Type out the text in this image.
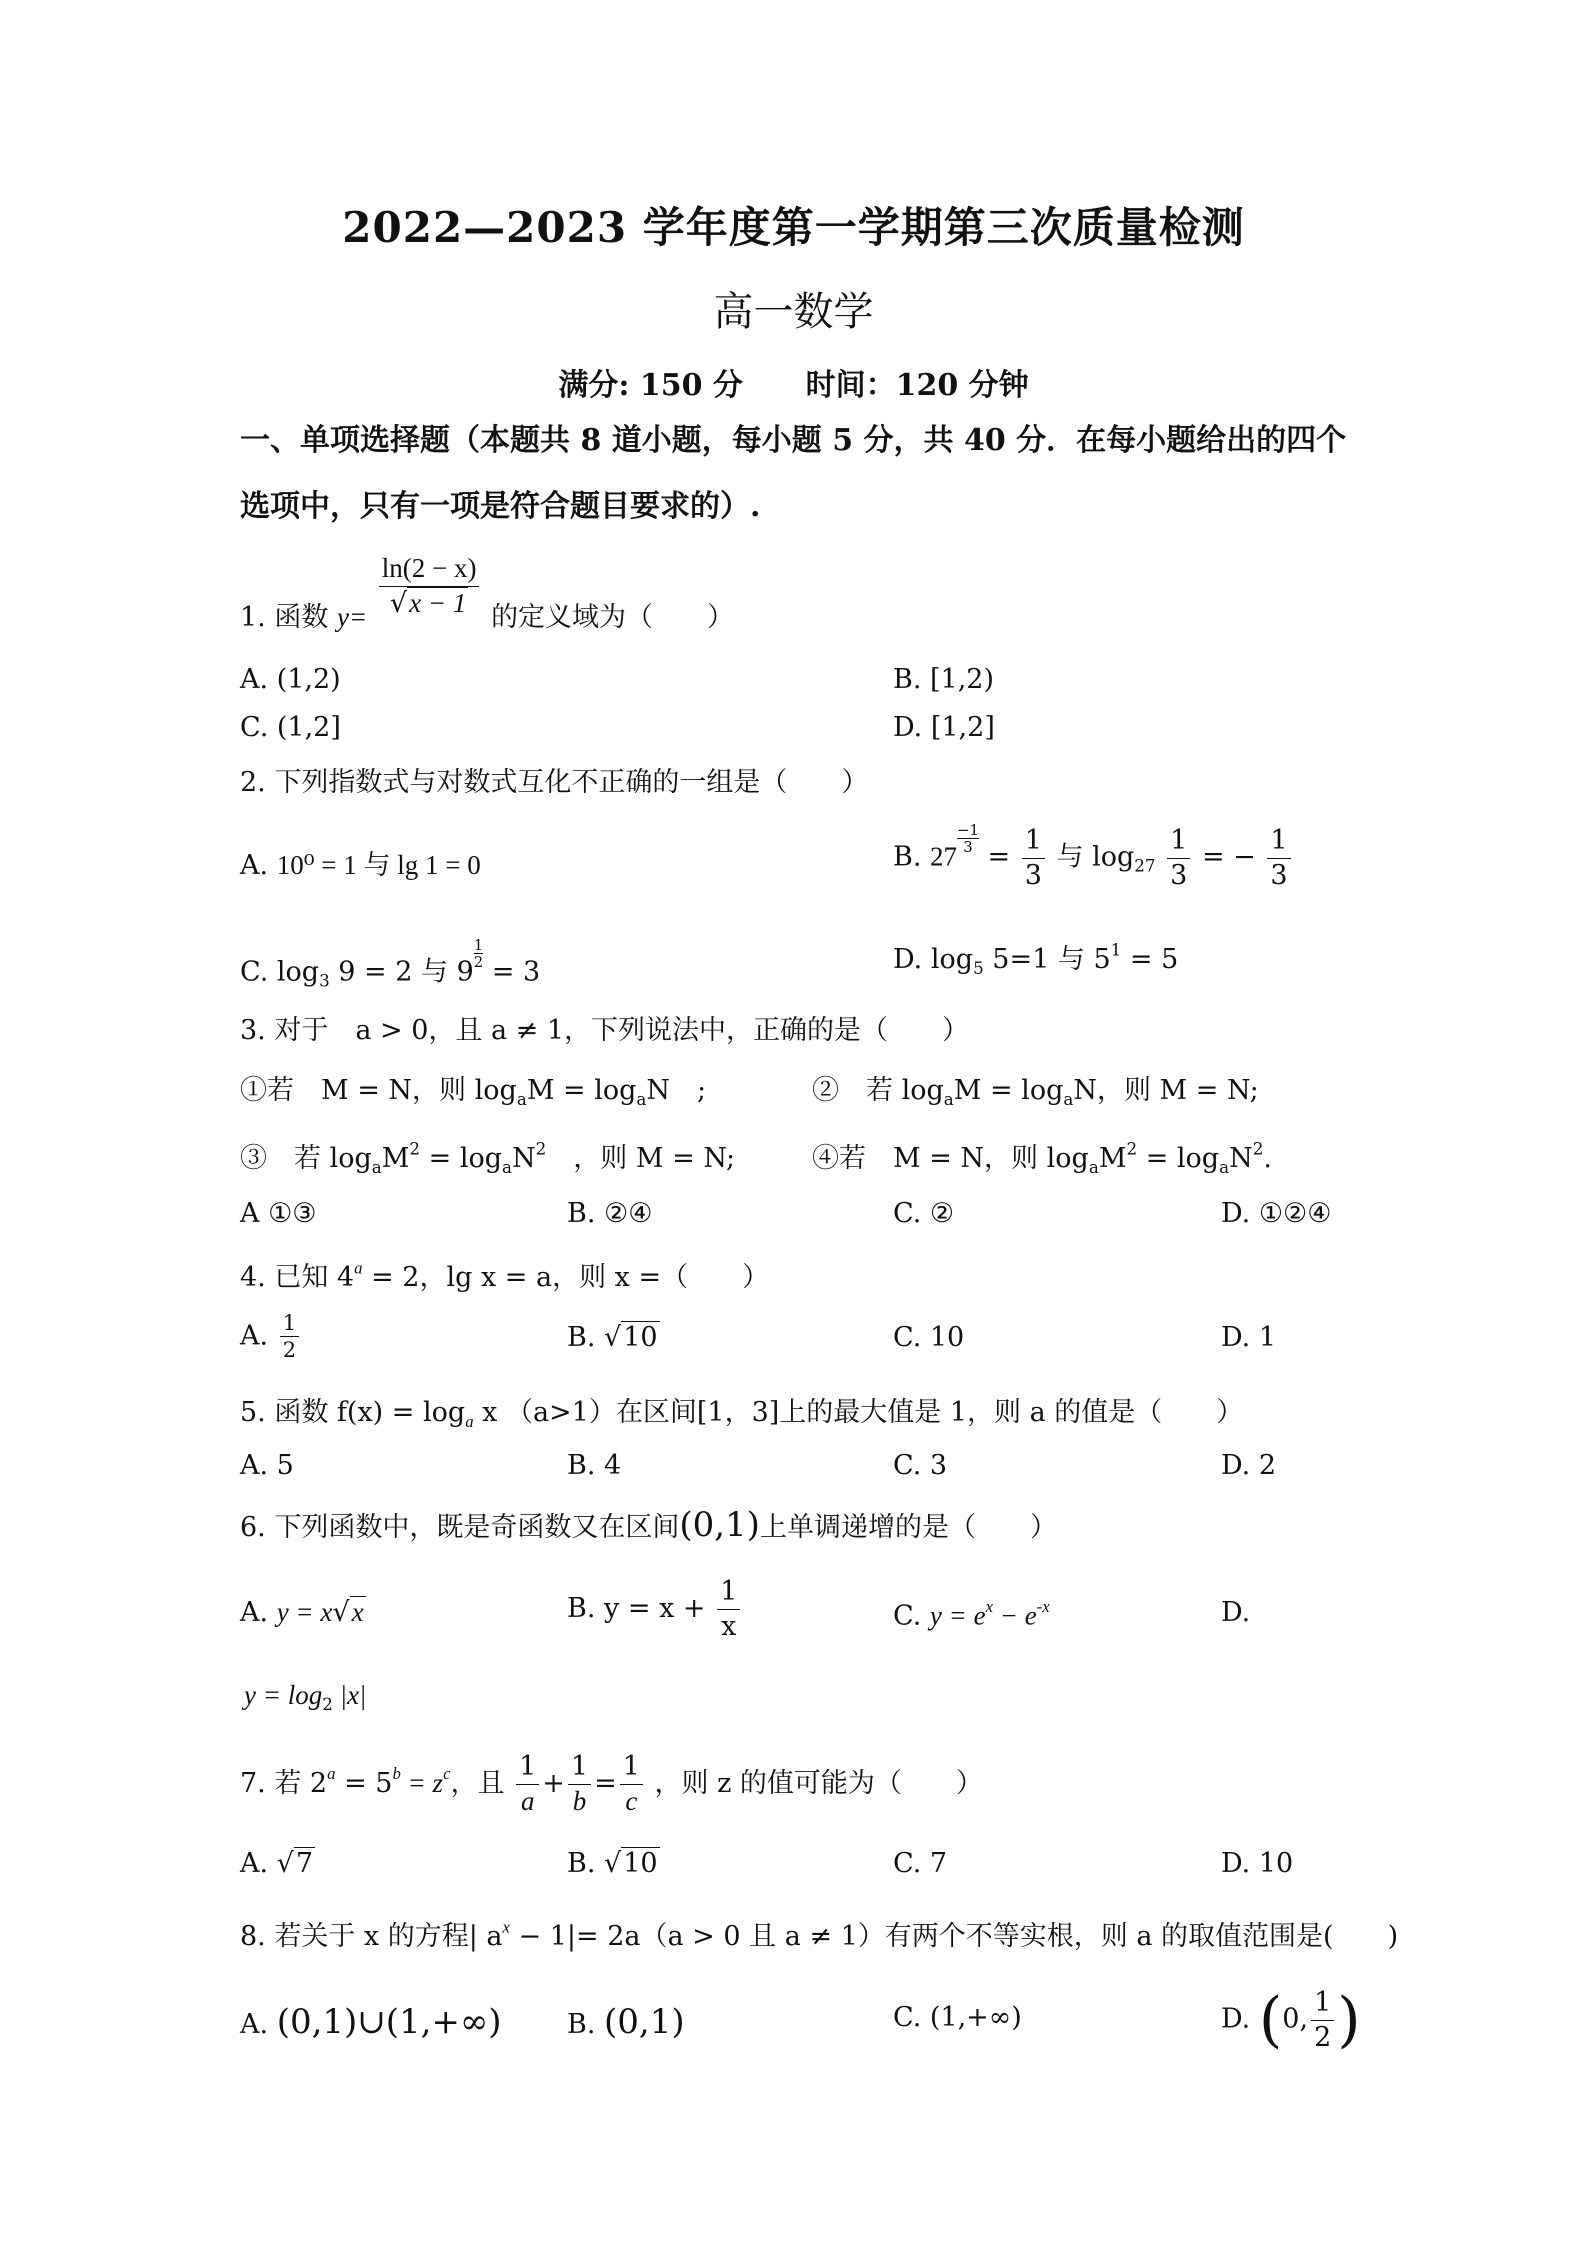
2022—2023 学年度第一学期第三次质量检测
高一数学
满分: 150 分      时间：120 分钟
一、单项选择题（本题共 8 道小题，每小题 5 分，共 40 分．在每小题给出的四个选项中，只有一项是符合题目要求的）.
1. 函数 $y= \frac{\ln(2 - x)}{√x - 1}$ 的定义域为（　　）
A. (1,2)	B. [1,2)
C. (1,2]	D. [1,2]
2. 下列指数式与对数式互化不正确的一组是（　　）
A. 10⁰ = 1 与 lg 1 = 0	B. 27
$\frac{-1}{3}$
= $\frac{1}{3}$ 与 $\log_{27} \frac{1}{3}$ = − $\frac{1}{3}$
C. $\log_3 9 = 2$ 与 9
$\frac{1}{2}$
= 3	D. $\log_5 5=1$ 与 $5^1 = 5$
3. 对于　a > 0，且 a ≠ 1，下列说法中，正确的是（　　）
①若　M = N，则 $\log_aM = \log_aN$　;	②　若 $\log_aM = \log_aN$，则 M = N;
③　若 $\log_aM^2 = \log_aN^2$　，则 M = N;	④若　M = N，则 $\log_aM^2 = \log_aN^2$.
A ①③	B. ②④	C. ②	D. ①②④
4. 已知 $4^a = 2$，lg x = a，则 x =（　　）
A. $\frac{1}{2}$	B. √10	C. 10	D. 1
5. 函数 $f(x) = \log_a x$ （a>1）在区间[1，3]上的最大值是 1，则 a 的值是（　　）
A. 5	B. 4	C. 3	D. 2
6. 下列函数中，既是奇函数又在区间(0,1)上单调递增的是（　　）
A. y = x√x	B. $y = x + \frac{1}{x}$	C. $y = e^x - e^{-x}$	D.
$y = \log_2 |x|$
7. 若 $2^a = 5^b = z^c$，且 $\frac{1}{a} + \frac{1}{b} = \frac{1}{c}$ ，则 z 的值可能为（　　）
A. √7	B. √10	C. 7	D. 10
8. 若关于 x 的方程| $a^x - 1|= 2a(a > 0$ 且 a ≠ 1）有两个不等实根，则 a 的取值范围是(　　)
A. (0,1)∪(1,+∞) B. (0,1)	C. (1,+∞)	D. (0, $\frac{1}{2}$ )
